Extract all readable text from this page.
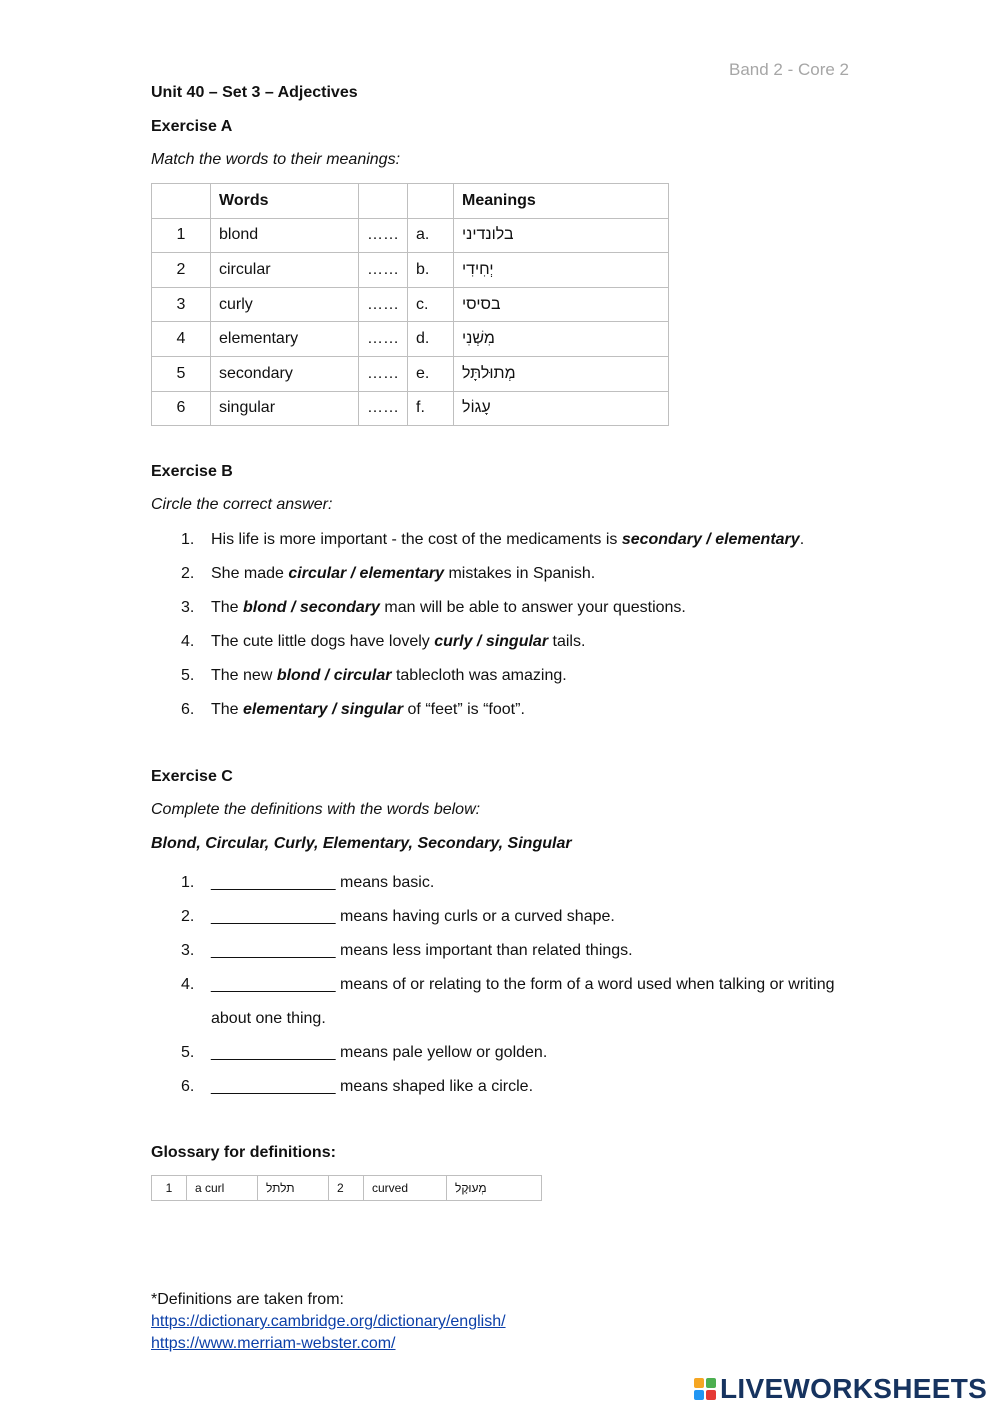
Band 2 - Core 2
Unit 40 – Set 3 – Adjectives
Exercise A
Match the words to their meanings:
	Words			Meanings
1	blond	……	a.	בלונדיני
2	circular	……	b.	יְחִידִי
3	curly	……	c.	בסיסי
4	elementary	……	d.	מִשְׁנִי
5	secondary	……	e.	מְתוּלתָּל
6	singular	……	f.	עָגוֹל
Exercise B
Circle the correct answer:
1. His life is more important - the cost of the medicaments is secondary / elementary.
2. She made circular / elementary mistakes in Spanish.
3. The blond / secondary man will be able to answer your questions.
4. The cute little dogs have lovely curly / singular tails.
5. The new blond / circular tablecloth was amazing.
6. The elementary / singular of “feet” is “foot”.
Exercise C
Complete the definitions with the words below:
Blond, Circular, Curly, Elementary, Secondary, Singular
1. ______________ means basic.
2. ______________ means having curls or a curved shape.
3. ______________ means less important than related things.
4. ______________ means of or relating to the form of a word used when talking or writing about one thing.
5. ______________ means pale yellow or golden.
6. ______________ means shaped like a circle.
Glossary for definitions:
1	a curl	תלתל	2	curved	מְעוּקָל
*Definitions are taken from:
https://dictionary.cambridge.org/dictionary/english/
https://www.merriam-webster.com/
LIVEWORKSHEETS
